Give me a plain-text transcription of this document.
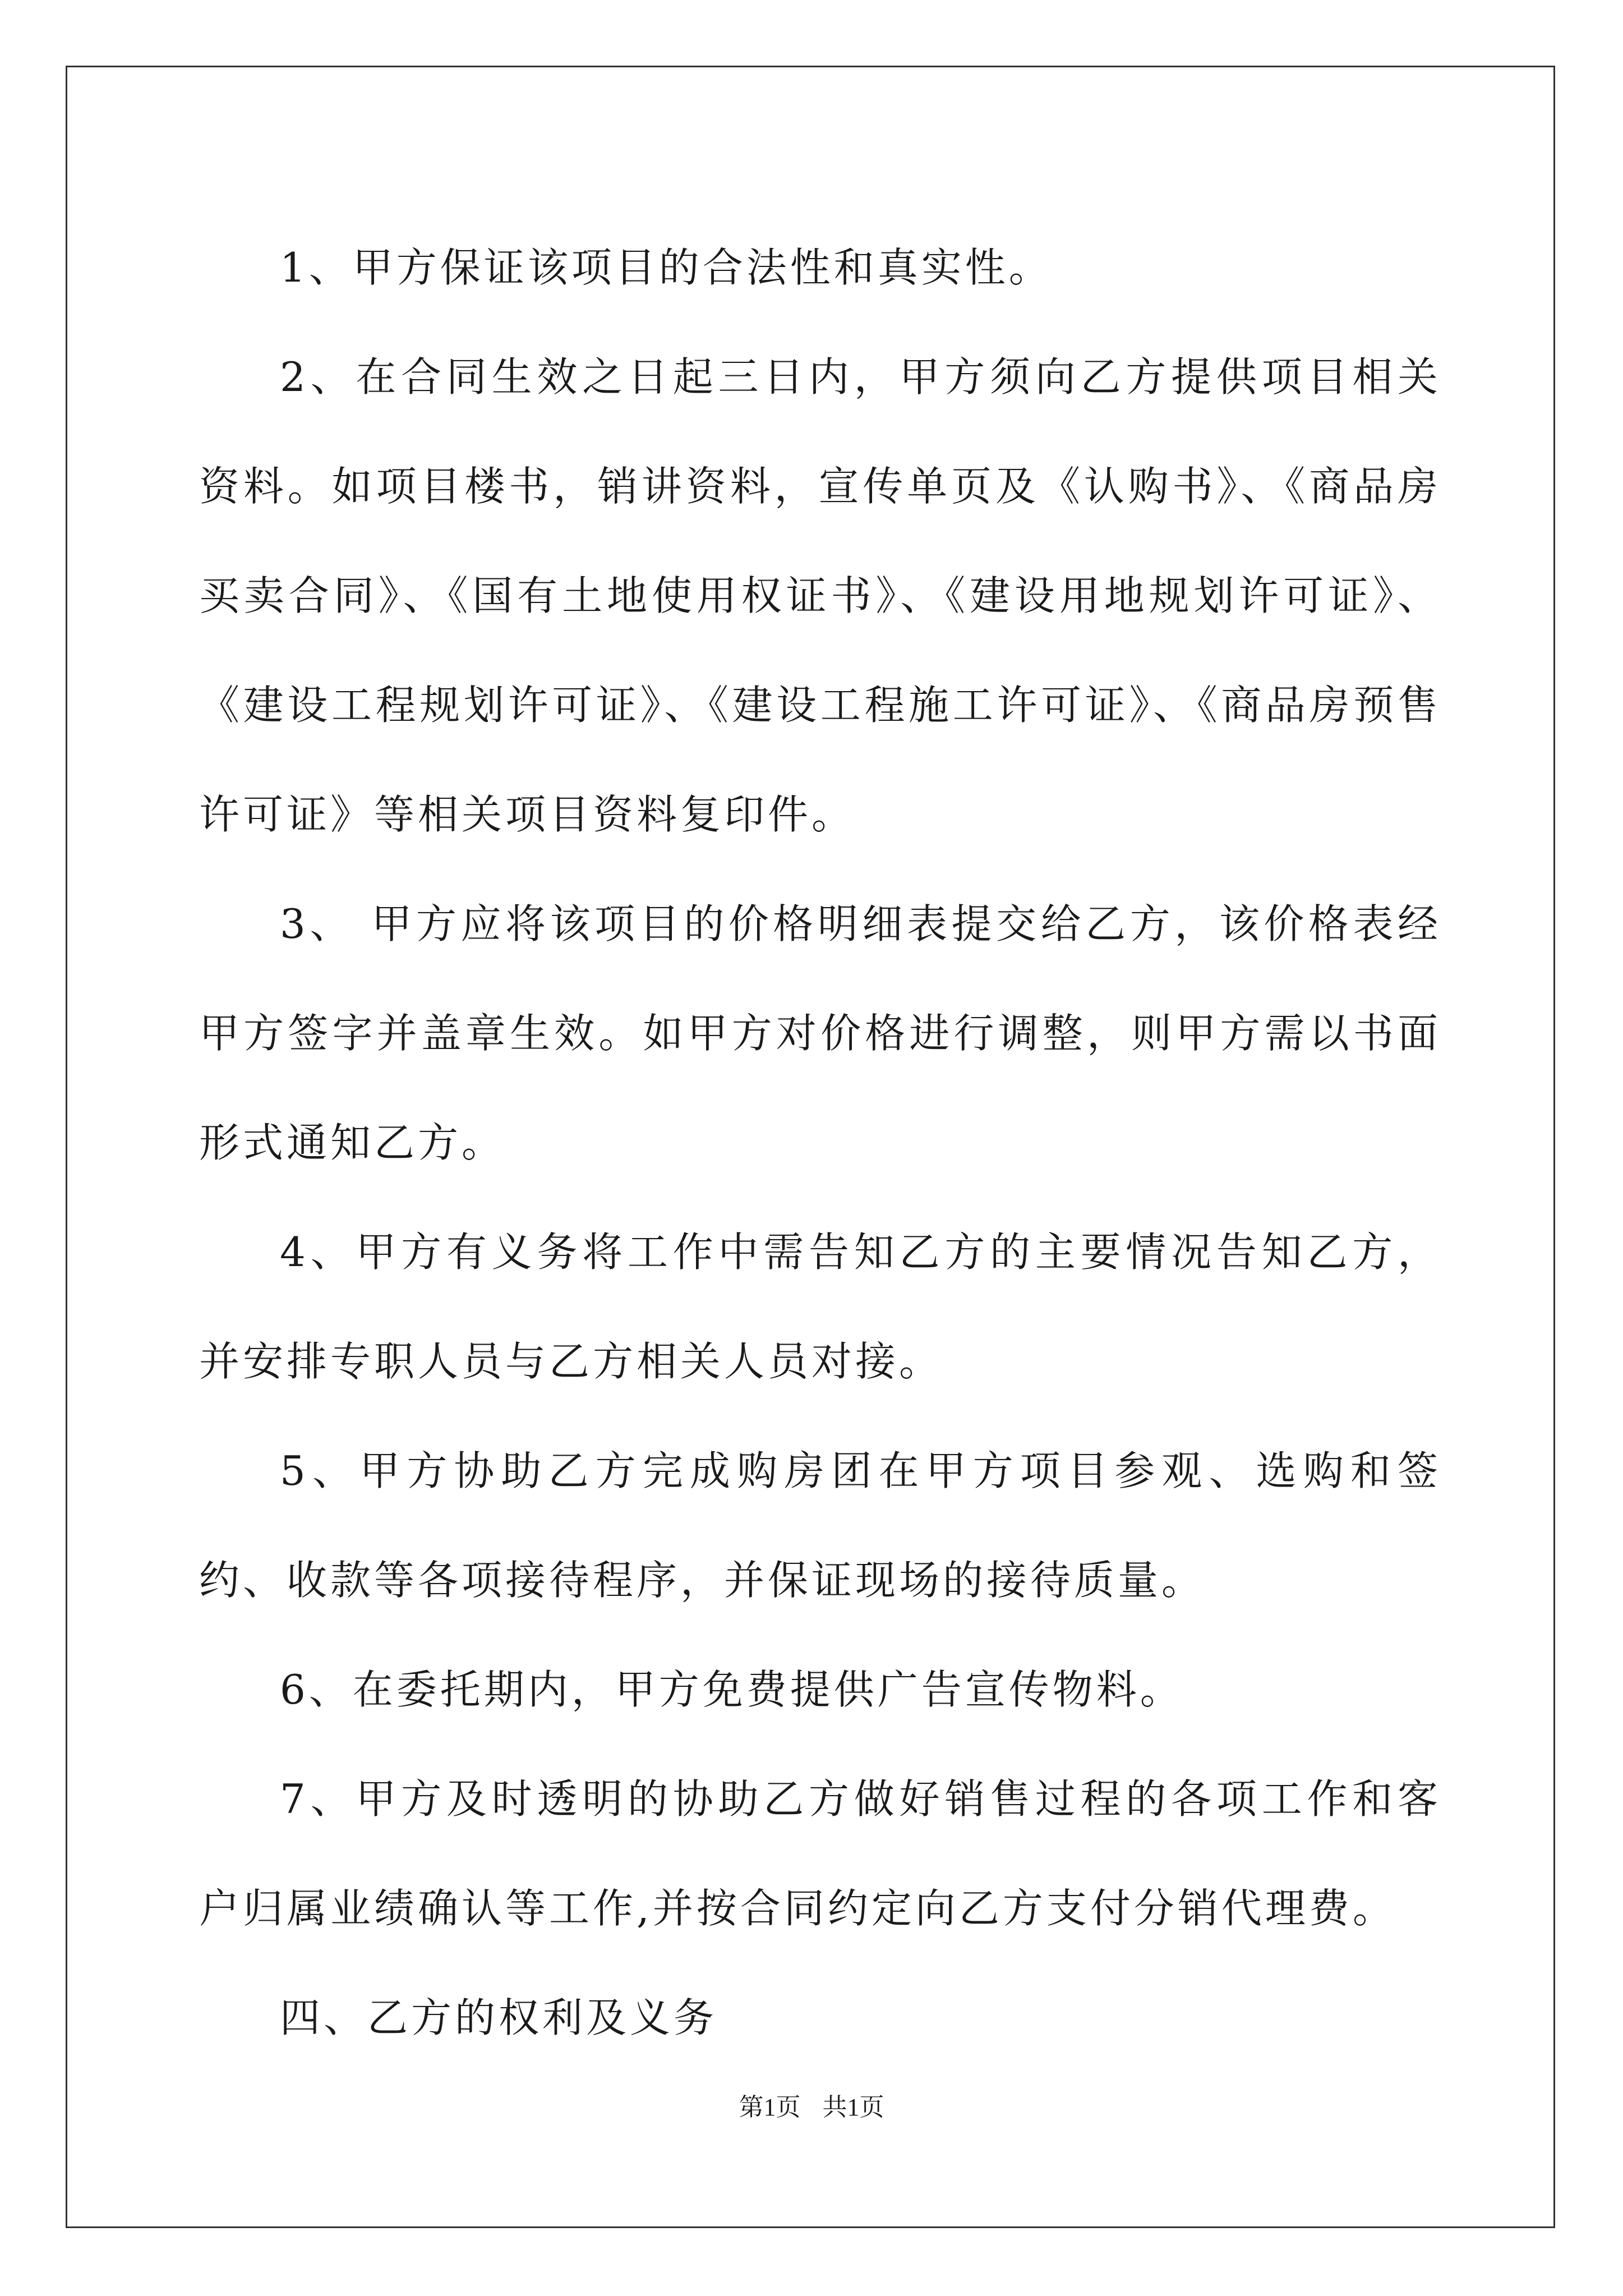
1、甲方保证该项目的合法性和真实性。

2、在合同生效之日起三日内，甲方须向乙方提供项目相关资料。如项目楼书，销讲资料，宣传单页及《认购书》、《商品房买卖合同》、《国有土地使用权证书》、《建设用地规划许可证》、《建设工程规划许可证》、《建设工程施工许可证》、《商品房预售许可证》等相关项目资料复印件。

3、 甲方应将该项目的价格明细表提交给乙方，该价格表经甲方签字并盖章生效。如甲方对价格进行调整，则甲方需以书面形式通知乙方。

4、甲方有义务将工作中需告知乙方的主要情况告知乙方，并安排专职人员与乙方相关人员对接。

5、甲方协助乙方完成购房团在甲方项目参观、选购和签约、收款等各项接待程序，并保证现场的接待质量。

6、在委托期内，甲方免费提供广告宣传物料。

7、甲方及时透明的协助乙方做好销售过程的各项工作和客户归属业绩确认等工作,并按合同约定向乙方支付分销代理费。

四、乙方的权利及义务

第1页 共1页
